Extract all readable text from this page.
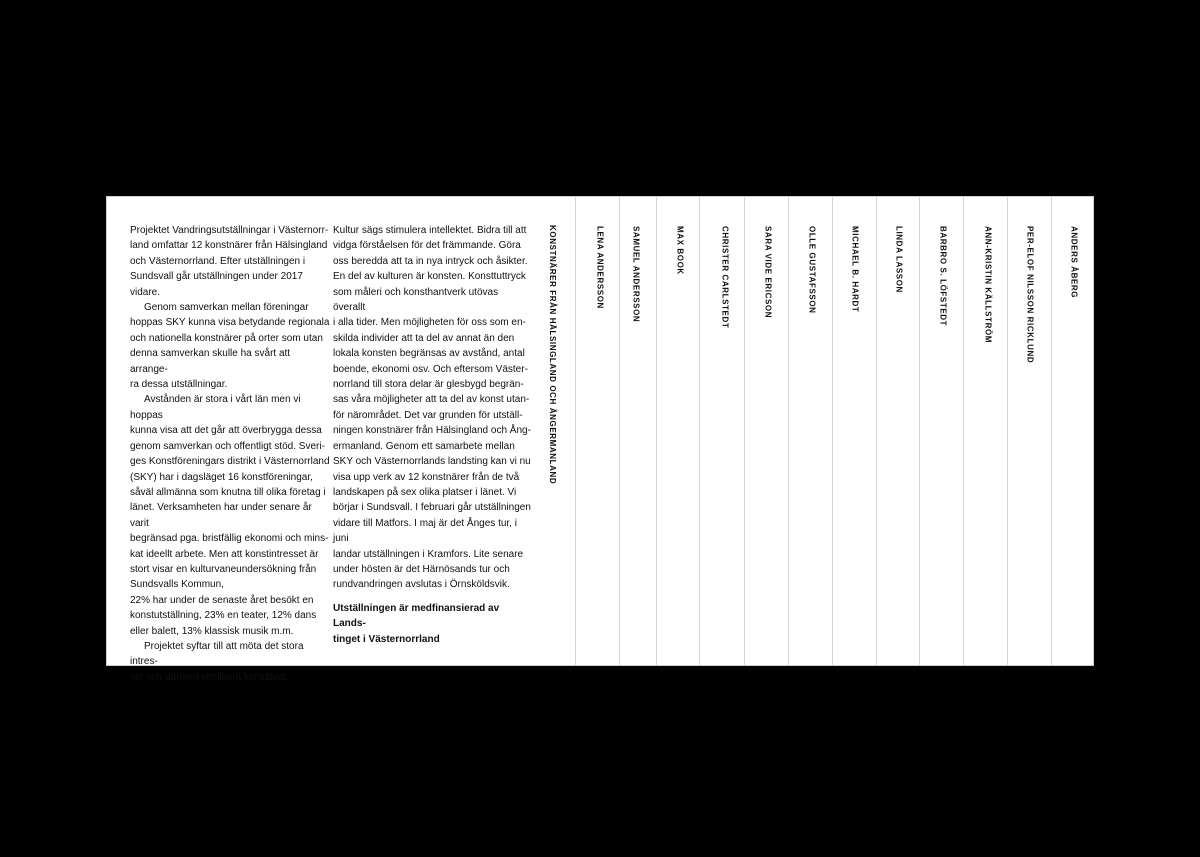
Projektet Vandringsutställningar i Västernorr-
land omfattar 12 konstnärer från Hälsingland
och Västernorrland. Efter utställningen i
Sundsvall går utställningen under 2017
vidare.

Genom samverkan mellan föreningar
hoppas SKY kunna visa betydande regionala
och nationella konstnärer på orter som utan
denna samverkan skulle ha svårt att arrange-
ra dessa utställningar.

Avstånden är stora i vårt län men vi hoppas
kunna visa att det går att överbrygga dessa
genom samverkan och offentligt stöd. Sveri-
ges Konstföreningars distrikt i Västernorrland
(SKY) har i dagsläget 16 konstföreningar,
såväl allmänna som knutna till olika företag i
länet. Verksamheten har under senare år varit
begränsad pga. bristfällig ekonomi och mins-
kat ideellt arbete. Men att konstintresset är
stort visar en kulturvaneundersökning från
Sundsvalls Kommun,
22% har under de senaste året besökt en
konstutställning, 23% en teater, 12% dans
eller balett, 13% klassisk musik m.m.

Projektet syftar till att möta det stora intres-
set och därmed vitalisera konstlivet.

Kultur sägs stimulera intellektet. Bidra till att
vidga förståelsen för det främmande. Göra
oss beredda att ta in nya intryck och åsikter.
En del av kulturen är konsten. Konsttuttryck
som måleri och konsthantverk utövas överallt
i alla tider. Men möjligheten för oss som en-
skilda individer att ta del av annat än den
lokala konsten begränsas av avstånd, antal
boende, ekonomi osv. Och eftersom Väster-
norrland till stora delar är glesbygd begrän-
sas våra möjligheter att ta del av konst utan-
för närområdet. Det var grunden för utställ-
ningen konstnärer från Hälsingland och Ång-
ermanland. Genom ett samarbete mellan
SKY och Västernorrlands landsting kan vi nu
visa upp verk av 12 konstnärer från de två
landskapen på sex olika platser i länet. Vi
börjar i Sundsvall. I februari går utställningen
vidare till Matfors. I maj är det Ånges tur, i juni
landar utställningen i Kramfors. Lite senare
under hösten är det Härnösands tur och
rundvandringen avslutas i Örnsköldsvik.

Utställningen är medfinansierad av Lands-
tinget i Västernorrland

KONSTNÄRER FRÅN HÄLSINGLAND OCH ÅNGERMANLAND	LENA ANDERSSON	SAMUEL ANDERSSON	MAX BOOK	CHRISTER CARLSTEDT	SARA VIDE ERICSON	OLLE GUSTAFSSON	MICHAEL B. HARDT	LINDA LASSON	BARBRO S. LÖFSTEDT	ANN-KRISTIN KÄLLSTRÖM	PER-ELOF NILSSON RICKLUND	ANDERS ÅBERG
